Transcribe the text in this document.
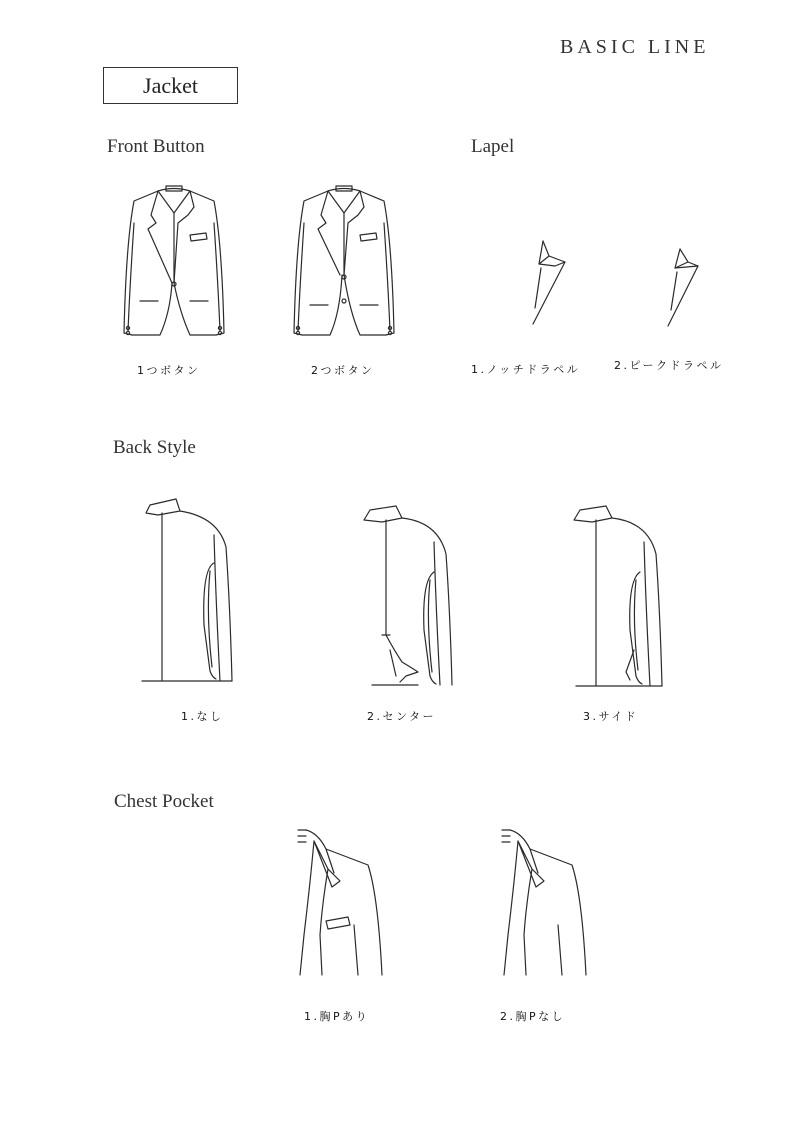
BASIC LINE
Jacket
Front Button
1つボタン	2つボタン
Lapel
1.ノッチドラペル	2.ピークドラペル
Back Style
1.なし	2.センター	3.サイド
Chest Pocket
1.胸Pあり	2.胸Pなし
